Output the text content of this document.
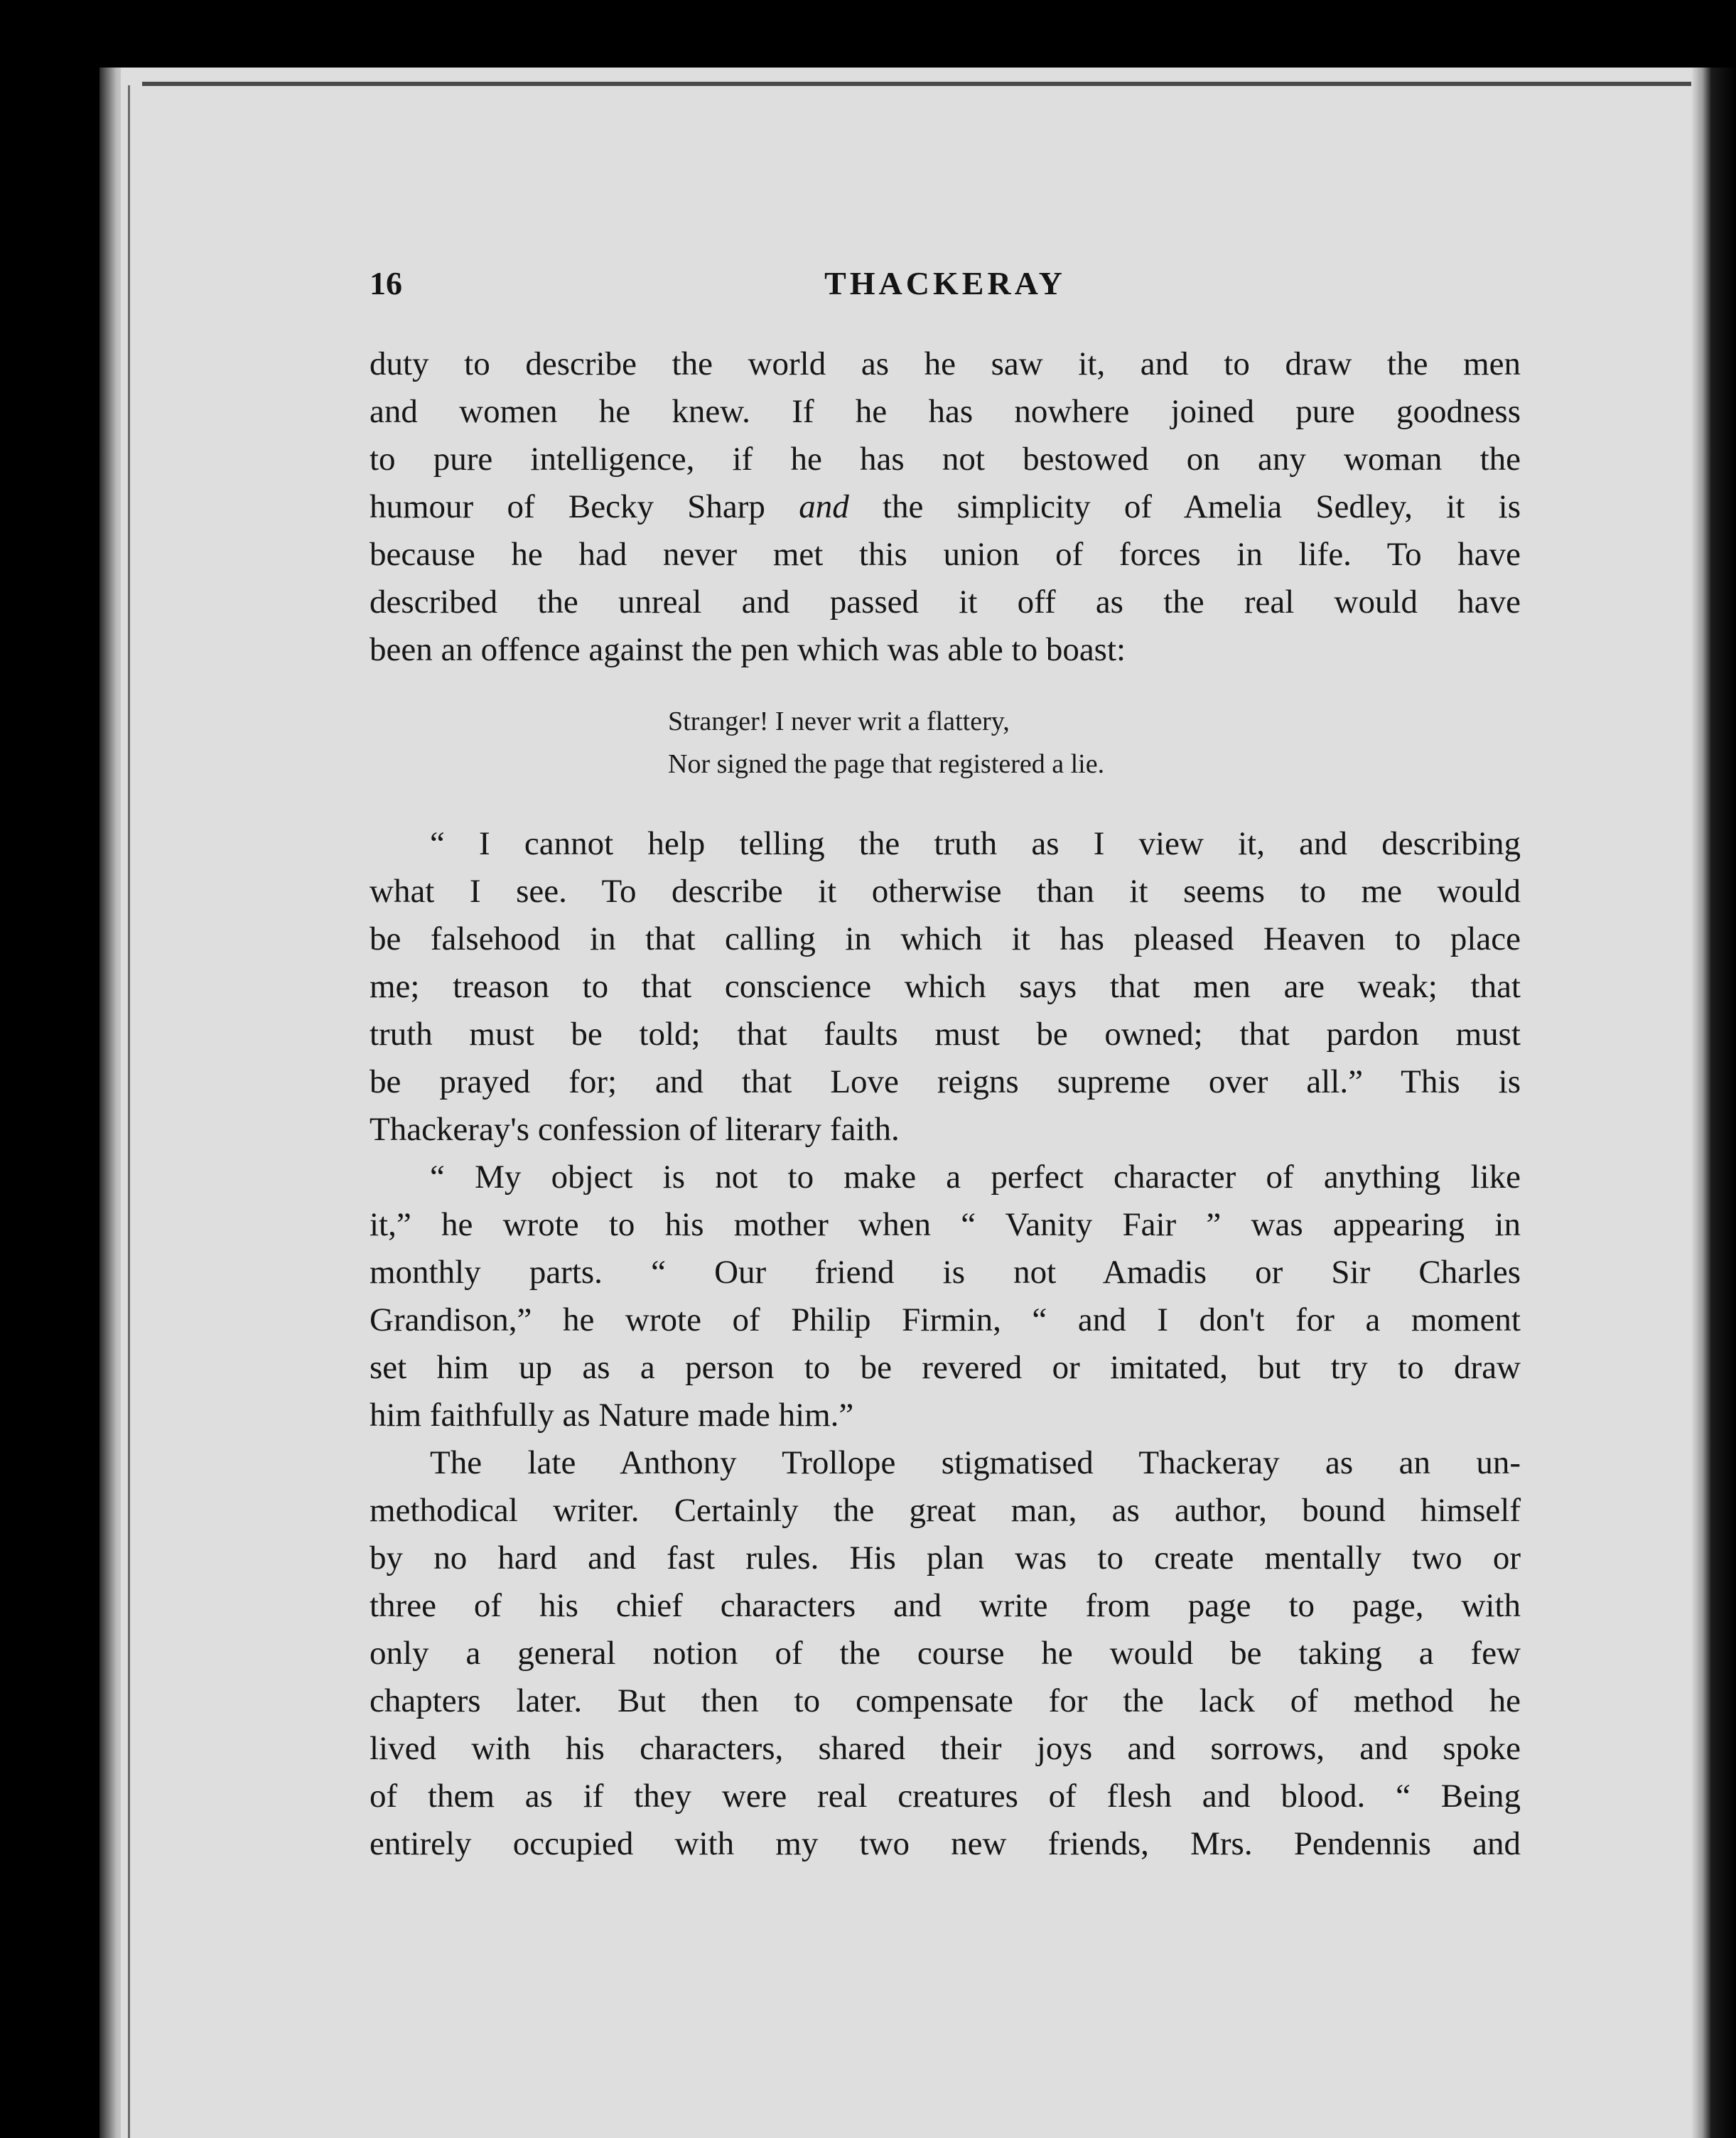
16	THACKERAY
duty to describe the world as he saw it, and to draw the men
and women he knew. If he has nowhere joined pure goodness
to pure intelligence, if he has not bestowed on any woman the
humour of Becky Sharp and the simplicity of Amelia Sedley, it is
because he had never met this union of forces in life. To have
described the unreal and passed it off as the real would have
been an offence against the pen which was able to boast:
Stranger! I never writ a flattery,
Nor signed the page that registered a lie.
“ I cannot help telling the truth as I view it, and describing
what I see. To describe it otherwise than it seems to me would
be falsehood in that calling in which it has pleased Heaven to place
me; treason to that conscience which says that men are weak; that
truth must be told; that faults must be owned; that pardon must
be prayed for; and that Love reigns supreme over all.” This is
Thackeray's confession of literary faith.
“ My object is not to make a perfect character of anything like
it,” he wrote to his mother when “ Vanity Fair ” was appearing in
monthly parts. “ Our friend is not Amadis or Sir Charles
Grandison,” he wrote of Philip Firmin, “ and I don't for a moment
set him up as a person to be revered or imitated, but try to draw
him faithfully as Nature made him.”
The late Anthony Trollope stigmatised Thackeray as an un-
methodical writer. Certainly the great man, as author, bound himself
by no hard and fast rules. His plan was to create mentally two or
three of his chief characters and write from page to page, with
only a general notion of the course he would be taking a few
chapters later. But then to compensate for the lack of method he
lived with his characters, shared their joys and sorrows, and spoke
of them as if they were real creatures of flesh and blood. “ Being
entirely occupied with my two new friends, Mrs. Pendennis and
